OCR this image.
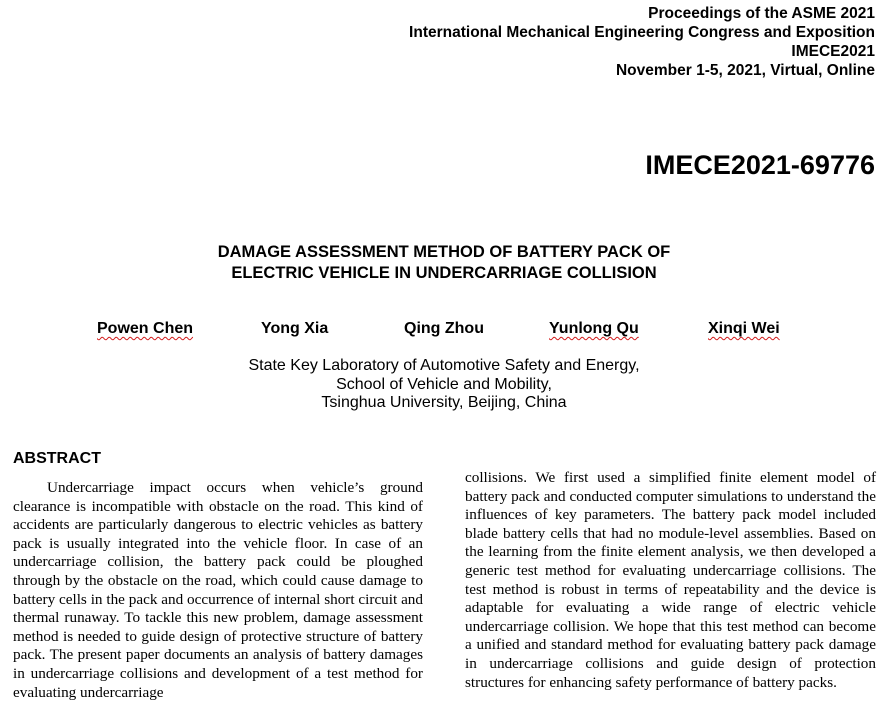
Proceedings of the ASME 2021
International Mechanical Engineering Congress and Exposition
IMECE2021
November 1-5, 2021, Virtual, Online
IMECE2021-69776
DAMAGE ASSESSMENT METHOD OF BATTERY PACK OF
ELECTRIC VEHICLE IN UNDERCARRIAGE COLLISION
Powen Chen	Yong Xia	Qing Zhou	Yunlong Qu	Xinqi Wei
State Key Laboratory of Automotive Safety and Energy,
School of Vehicle and Mobility,
Tsinghua University, Beijing, China
ABSTRACT

Undercarriage impact occurs when vehicle’s ground clearance is incompatible with obstacle on the road. This kind of accidents are particularly dangerous to electric vehicles as battery pack is usually integrated into the vehicle floor. In case of an undercarriage collision, the battery pack could be ploughed through by the obstacle on the road, which could cause damage to battery cells in the pack and occurrence of internal short circuit and thermal runaway. To tackle this new problem, damage assessment method is needed to guide design of protective structure of battery pack. The present paper documents an analysis of battery damages in undercarriage collisions and development of a test method for evaluating undercarriage

collisions. We first used a simplified finite element model of battery pack and conducted computer simulations to understand the influences of key parameters. The battery pack model included blade battery cells that had no module-level assemblies. Based on the learning from the finite element analysis, we then developed a generic test method for evaluating undercarriage collisions. The test method is robust in terms of repeatability and the device is adaptable for evaluating a wide range of electric vehicle undercarriage collision. We hope that this test method can become a unified and standard method for evaluating battery pack damage in undercarriage collisions and guide design of protection structures for enhancing safety performance of battery packs.
